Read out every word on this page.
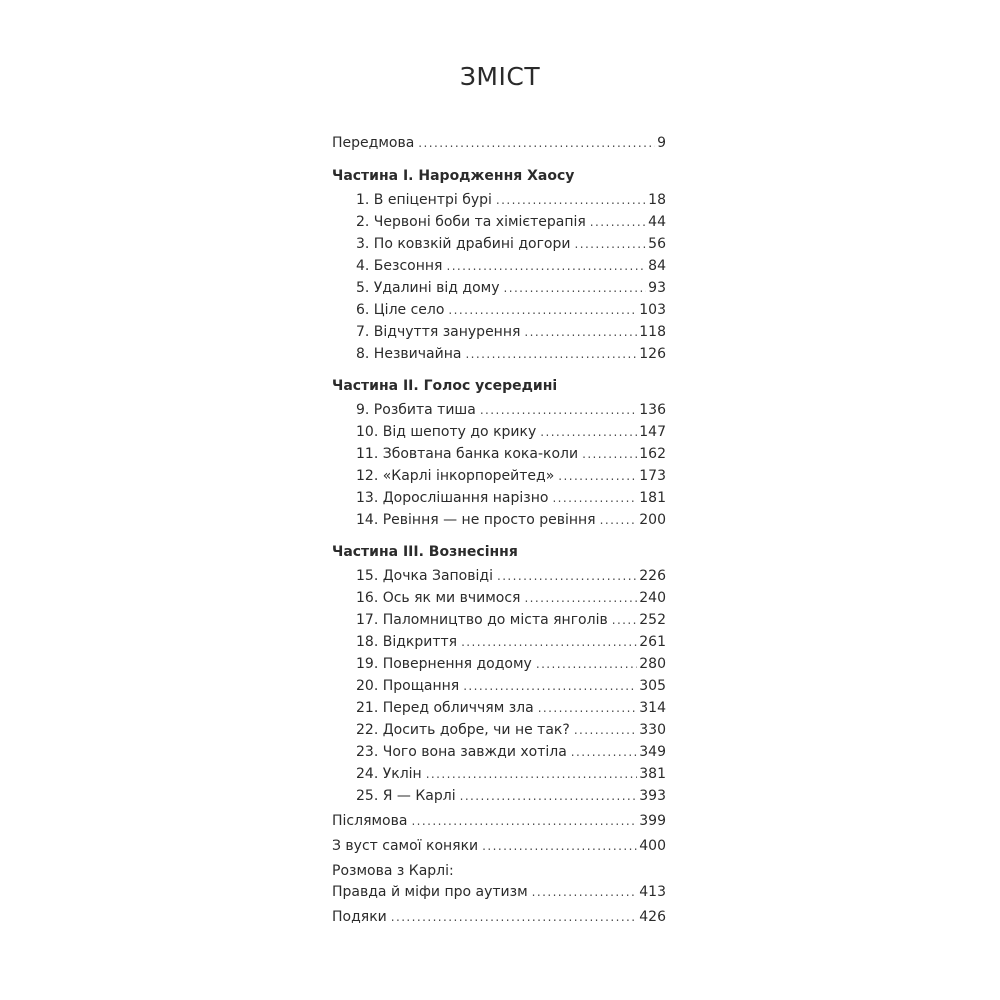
ЗМІСТ
Передмова . . .	9
Частина I. Народження Хаосу
1. В епіцентрі бурі . . .	18
2. Червоні боби та хімієтерапія . . .	44
3. По ковзкій драбині догори . . .	56
4. Безсоння . . .	84
5. Удалині від дому . . .	93
6. Ціле село . . .	103
7. Відчуття занурення . . .	118
8. Незвичайна . . .	126
Частина II. Голос усередині
9. Розбита тиша . . .	136
10. Від шепоту до крику . . .	147
11. Збовтана банка кока-коли . . .	162
12. «Карлі інкорпорейтед» . . .	173
13. Дорослішання нарізно . . .	181
14. Ревіння — не просто ревіння . . .	200
Частина III. Вознесіння
15. Дочка Заповіді . . .	226
16. Ось як ми вчимося . . .	240
17. Паломництво до міста янголів . . . 252
18. Відкриття . . .	261
19. Повернення додому . . .	280
20. Прощання . . .	305
21. Перед обличчям зла . . .	314
22. Досить добре, чи не так? . . .	330
23. Чого вона завжди хотіла . . .	349
24. Уклін . . .	381
25. Я — Карлі . . .	393
Післямова . . .	399
З вуст самої коняки . . .	400
Розмова з Карлі:
Правда й міфи про аутизм . . .	413
Подяки . . .	426
